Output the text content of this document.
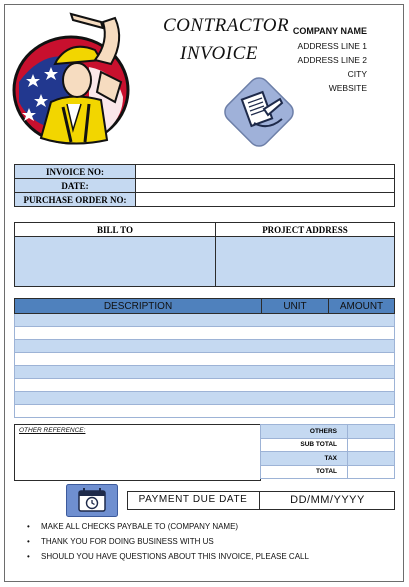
CONTRACTOR
INVOICE
COMPANY NAME
ADDRESS LINE 1
ADDRESS LINE 2
CITY
WEBSITE
INVOICE NO:	
DATE:	
PURCHASE ORDER NO:	
BILL TO	PROJECT ADDRESS

DESCRIPTION	UNIT	AMOUNT

OTHER REFERENCE:	OTHERS	
SUB TOTAL	
TAX	
TOTAL	
PAYMENT DUE DATE	DD/MM/YYYY
• MAKE ALL CHECKS PAYBALE TO (COMPANY NAME)
• THANK YOU FOR DOING BUSINESS WITH US
• SHOULD YOU HAVE QUESTIONS ABOUT THIS INVOICE, PLEASE CALL
